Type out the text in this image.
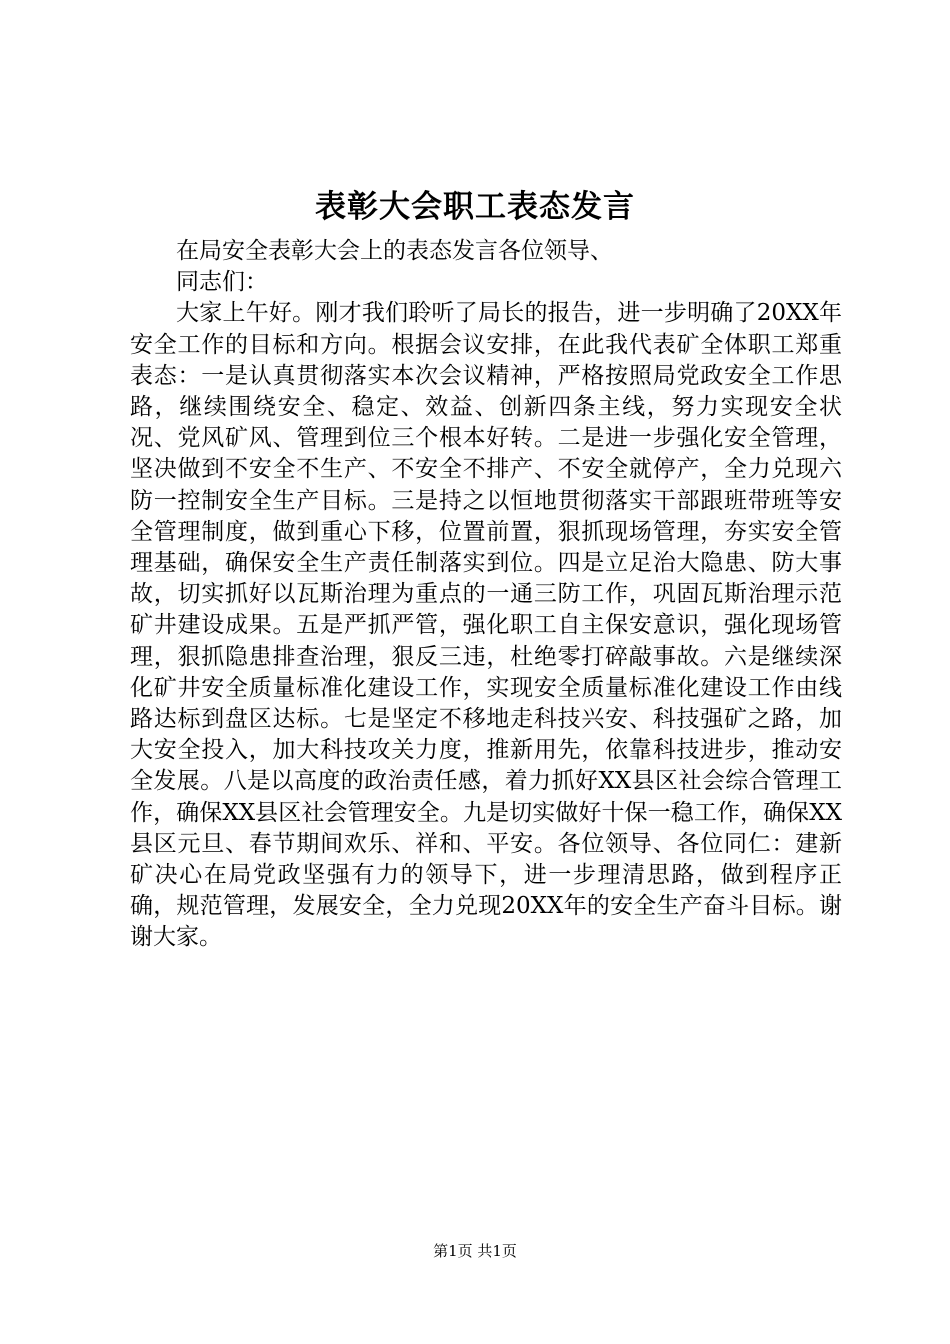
表彰大会职工表态发言

在局安全表彰大会上的表态发言各位领导、

同志们：

大家上午好。刚才我们聆听了局长的报告，进一步明确了20XX年安全工作的目标和方向。根据会议安排，在此我代表矿全体职工郑重表态：一是认真贯彻落实本次会议精神，严格按照局党政安全工作思路，继续围绕安全、稳定、效益、创新四条主线，努力实现安全状况、党风矿风、管理到位三个根本好转。二是进一步强化安全管理，坚决做到不安全不生产、不安全不排产、不安全就停产，全力兑现六防一控制安全生产目标。三是持之以恒地贯彻落实干部跟班带班等安全管理制度，做到重心下移，位置前置，狠抓现场管理，夯实安全管理基础，确保安全生产责任制落实到位。四是立足治大隐患、防大事故，切实抓好以瓦斯治理为重点的一通三防工作，巩固瓦斯治理示范矿井建设成果。五是严抓严管，强化职工自主保安意识，强化现场管理，狠抓隐患排查治理，狠反三违，杜绝零打碎敲事故。六是继续深化矿井安全质量标准化建设工作，实现安全质量标准化建设工作由线路达标到盘区达标。七是坚定不移地走科技兴安、科技强矿之路，加大安全投入，加大科技攻关力度，推新用先，依靠科技进步，推动安全发展。八是以高度的政治责任感，着力抓好XX县区社会综合管理工作，确保XX县区社会管理安全。九是切实做好十保一稳工作，确保XX县区元旦、春节期间欢乐、祥和、平安。各位领导、各位同仁：建新矿决心在局党政坚强有力的领导下，进一步理清思路，做到程序正确，规范管理，发展安全，全力兑现20XX年的安全生产奋斗目标。谢谢大家。

第1页 共1页
